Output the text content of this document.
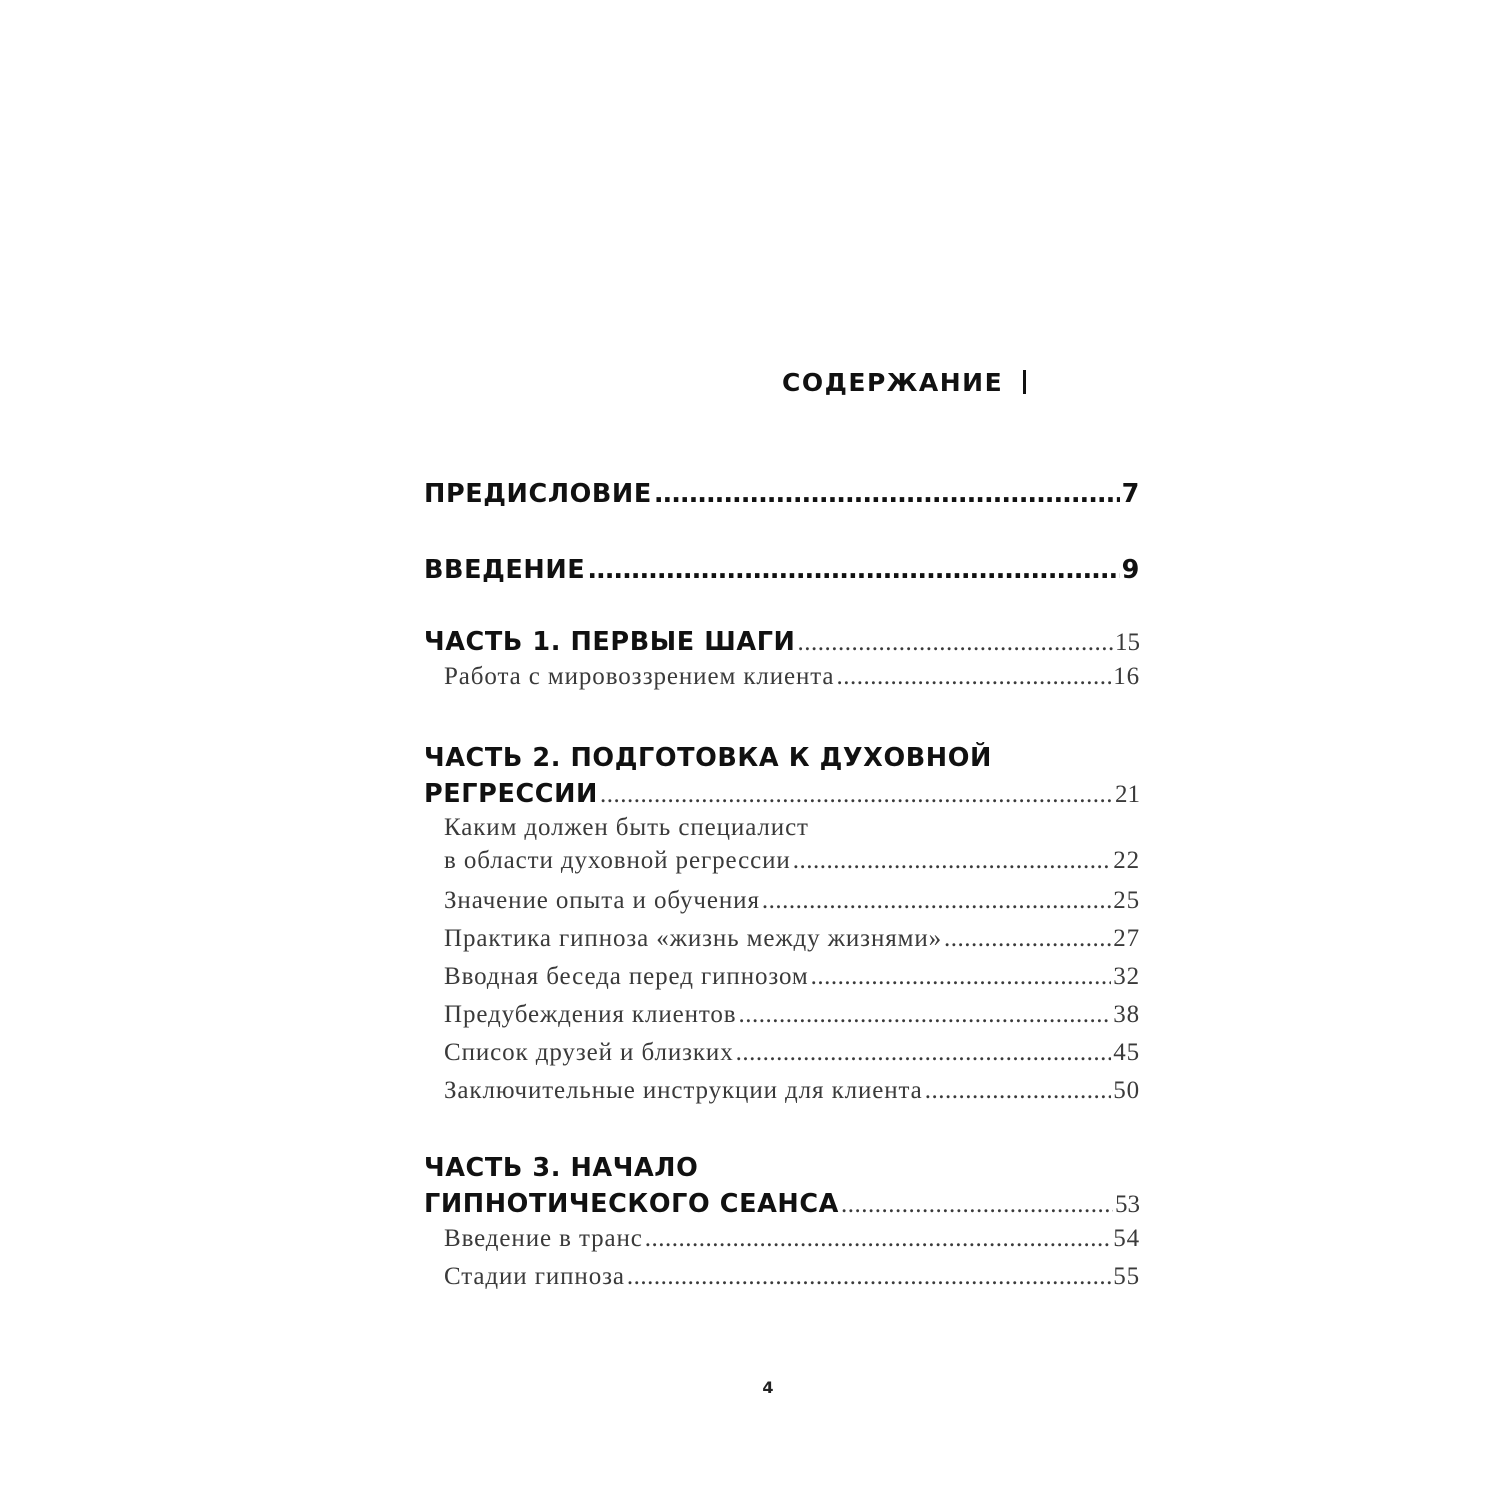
СОДЕРЖАНИЕ
ПРЕДИСЛОВИЕ .....	7
ВВЕДЕНИЕ .....	9
ЧАСТЬ 1. ПЕРВЫЕ ШАГИ .....	15
Работа с мировоззрением клиента .....	16
ЧАСТЬ 2. ПОДГОТОВКА К ДУХОВНОЙ
РЕГРЕССИИ .....	21
Каким должен быть специалист
в области духовной регрессии .....	22
Значение опыта и обучения .....	25
Практика гипноза «жизнь между жизнями» .....	27
Вводная беседа перед гипнозом .....	32
Предубеждения клиентов .....	38
Список друзей и близких .....	45
Заключительные инструкции для клиента .....	50
ЧАСТЬ 3. НАЧАЛО
ГИПНОТИЧЕСКОГО СЕАНСА .....	53
Введение в транс .....	54
Стадии гипноза .....	55
4
